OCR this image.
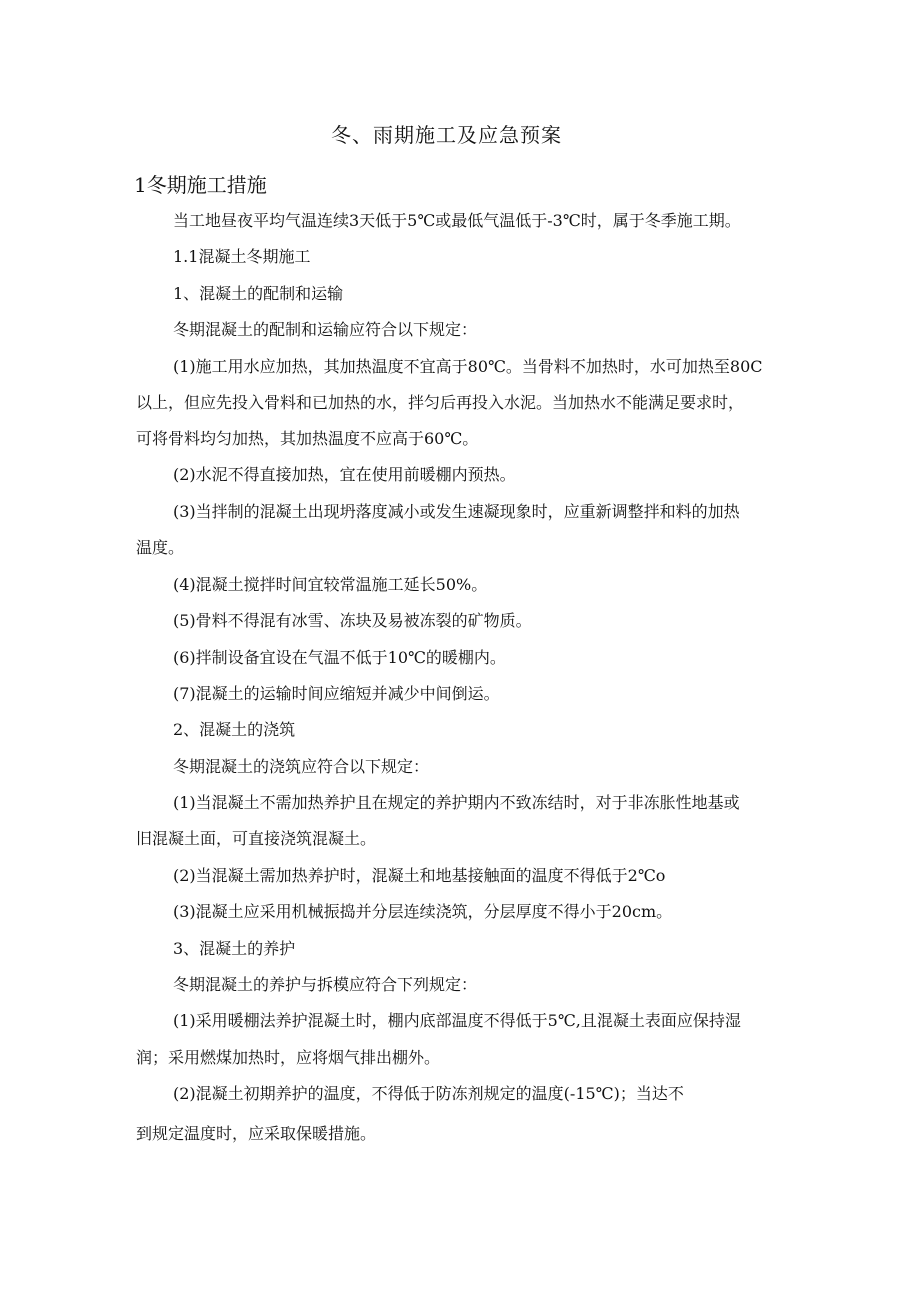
冬、雨期施工及应急预案
1冬期施工措施
当工地昼夜平均气温连续3天低于5℃或最低气温低于-3℃时，属于冬季施工期。
1.1混凝土冬期施工
1、混凝土的配制和运输
冬期混凝土的配制和运输应符合以下规定：
(1)施工用水应加热，其加热温度不宜高于80℃。当骨料不加热时，水可加热至80C
以上，但应先投入骨料和已加热的水，拌匀后再投入水泥。当加热水不能满足要求时，
可将骨料均匀加热，其加热温度不应高于60℃。
(2)水泥不得直接加热，宜在使用前暖棚内预热。
(3)当拌制的混凝土出现坍落度减小或发生速凝现象时，应重新调整拌和料的加热
温度。
(4)混凝土搅拌时间宜较常温施工延长50%。
(5)骨料不得混有冰雪、冻块及易被冻裂的矿物质。
(6)拌制设备宜设在气温不低于10℃的暖棚内。
(7)混凝土的运输时间应缩短并减少中间倒运。
2、混凝土的浇筑
冬期混凝土的浇筑应符合以下规定：
(1)当混凝土不需加热养护且在规定的养护期内不致冻结时，对于非冻胀性地基或
旧混凝土面，可直接浇筑混凝土。
(2)当混凝土需加热养护时，混凝土和地基接触面的温度不得低于2℃o
(3)混凝土应采用机械振捣并分层连续浇筑，分层厚度不得小于20cm。
3、混凝土的养护
冬期混凝土的养护与拆模应符合下列规定：
(1)采用暖棚法养护混凝土时，棚内底部温度不得低于5℃,且混凝土表面应保持湿
润；采用燃煤加热时，应将烟气排出棚外。
(2)混凝土初期养护的温度，不得低于防冻剂规定的温度(-15℃)；当达不
到规定温度时，应采取保暖措施。
